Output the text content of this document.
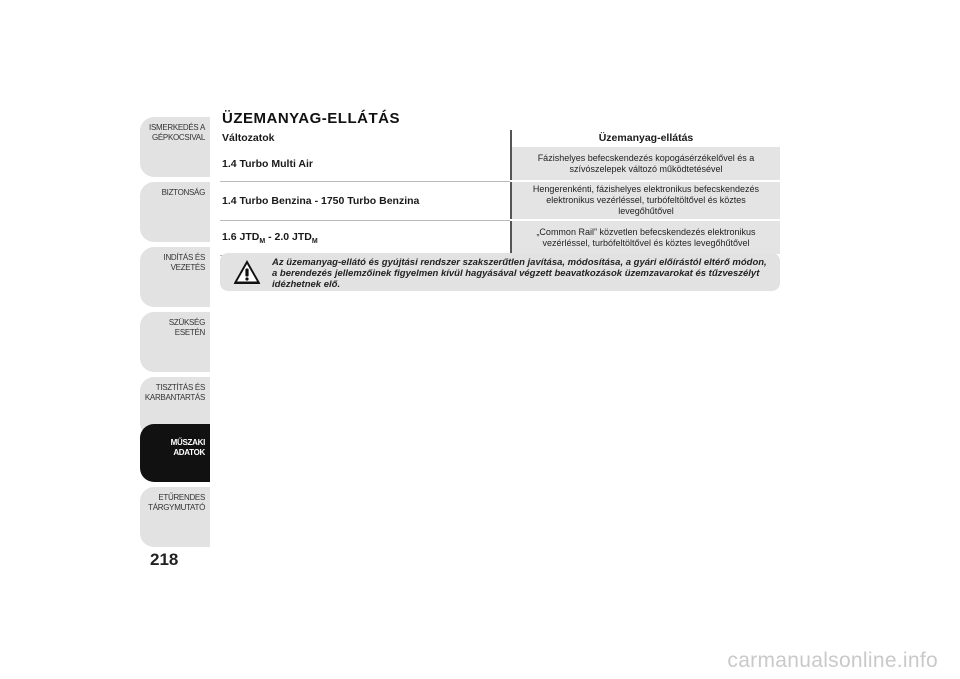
ISMERKEDÉS A GÉPKOCSIVAL
BIZTONSÁG
INDÍTÁS ÉS VEZETÉS
SZÜKSÉG ESETÉN
TISZTÍTÁS ÉS KARBANTARTÁS
MŰSZAKI ADATOK
ETŰRENDES TÁRGYMUTATÓ
218
ÜZEMANYAG-ELLÁTÁS
Változatok	Üzemanyag-ellátás
1.4 Turbo Multi Air	Fázishelyes befecskendezés kopogásérzékelővel és a szívószelepek változó működtetésével
1.4 Turbo Benzina - 1750 Turbo Benzina	Hengerenkénti, fázishelyes elektronikus befecskendezés elektronikus vezérléssel, turbófeltöltővel és köztes levegőhűtővel
1.6 $JTD_M - 2.0$ $JTD_M$	„Common Rail” közvetlen befecskendezés elektronikus vezérléssel, turbófeltöltővel és köztes levegőhűtővel
Az üzemanyag-ellátó és gyújtási rendszer szakszerűtlen javítása, módosítása, a gyári előírástól eltérő módon, a berendezés jellemzőinek figyelmen kívül hagyásával végzett beavatkozások üzemzavarokat és tűzveszélyt idézhetnek elő.
carmanualsonline.info
